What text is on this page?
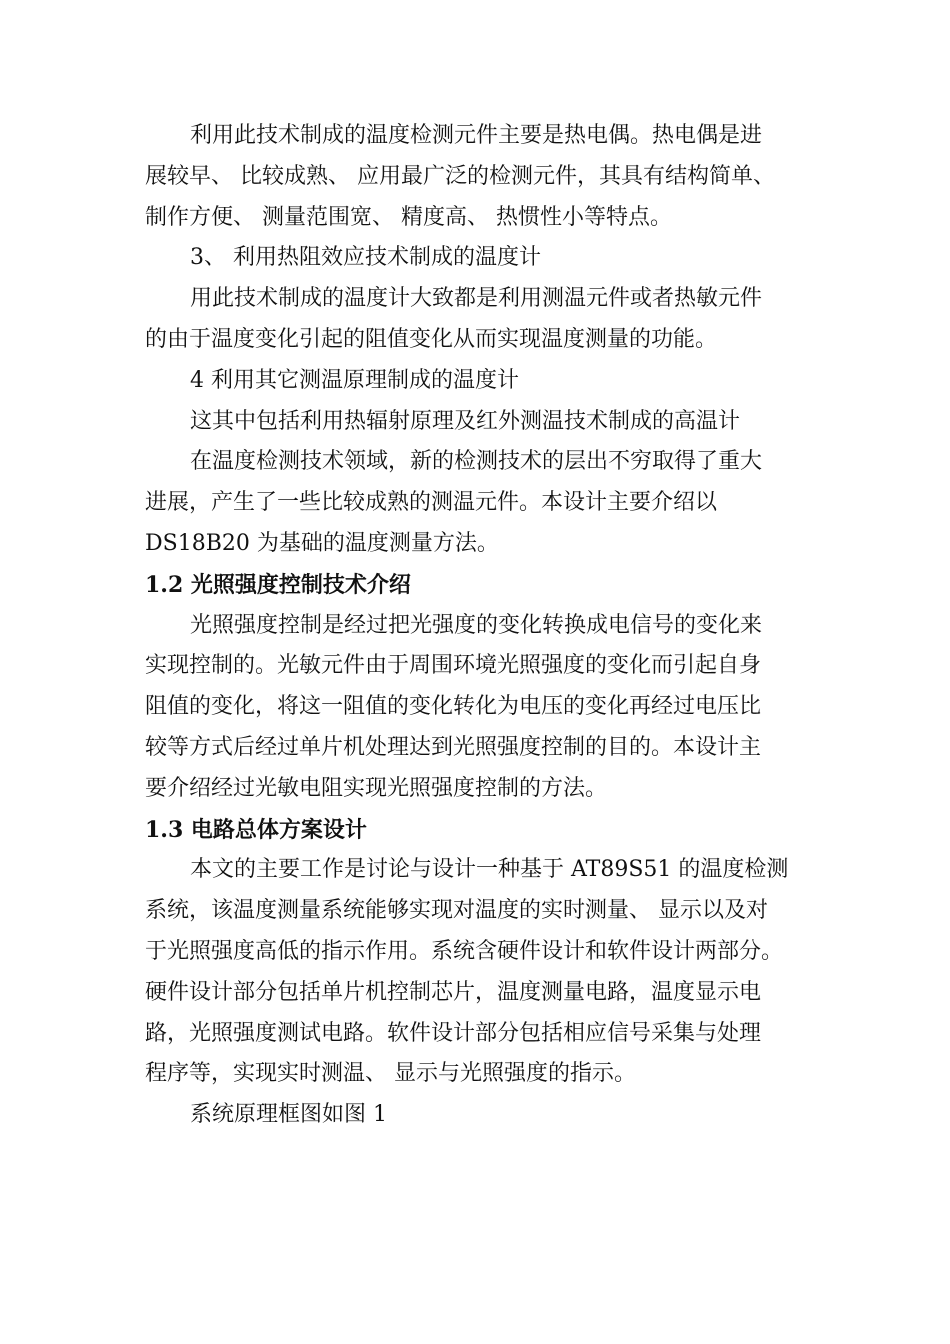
利用此技术制成的温度检测元件主要是热电偶。热电偶是进
展较早、 比较成熟、 应用最广泛的检测元件，其具有结构简单、
制作方便、 测量范围宽、 精度高、 热惯性小等特点。
3、 利用热阻效应技术制成的温度计
用此技术制成的温度计大致都是利用测温元件或者热敏元件
的由于温度变化引起的阻值变化从而实现温度测量的功能。
4 利用其它测温原理制成的温度计
这其中包括利用热辐射原理及红外测温技术制成的高温计
在温度检测技术领域，新的检测技术的层出不穷取得了重大
进展，产生了一些比较成熟的测温元件。本设计主要介绍以
DS18B20 为基础的温度测量方法。
1.2 光照强度控制技术介绍
光照强度控制是经过把光强度的变化转换成电信号的变化来
实现控制的。光敏元件由于周围环境光照强度的变化而引起自身
阻值的变化，将这一阻值的变化转化为电压的变化再经过电压比
较等方式后经过单片机处理达到光照强度控制的目的。本设计主
要介绍经过光敏电阻实现光照强度控制的方法。
1.3 电路总体方案设计
本文的主要工作是讨论与设计一种基于 AT89S51 的温度检测
系统，该温度测量系统能够实现对温度的实时测量、 显示以及对
于光照强度高低的指示作用。系统含硬件设计和软件设计两部分。
硬件设计部分包括单片机控制芯片，温度测量电路，温度显示电
路，光照强度测试电路。软件设计部分包括相应信号采集与处理
程序等，实现实时测温、 显示与光照强度的指示。
系统原理框图如图 1
